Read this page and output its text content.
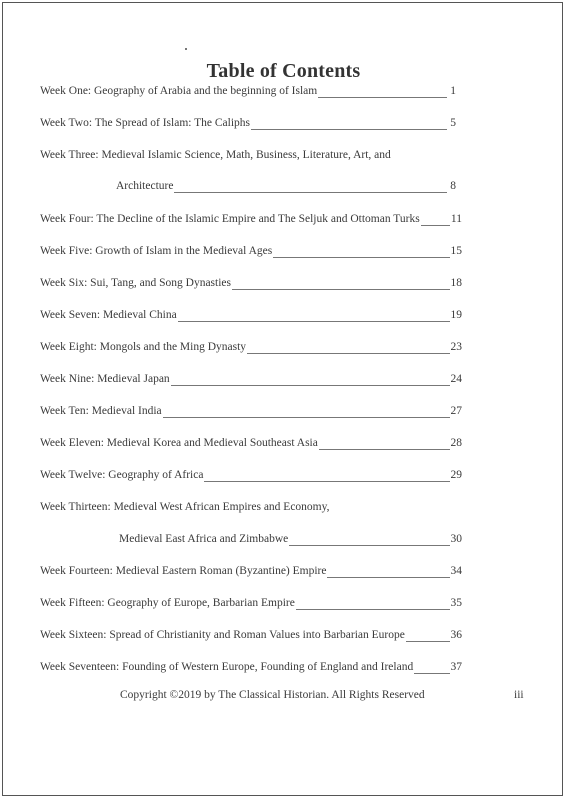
Table of Contents
Week One: Geography of Arabia and the beginning of Islam	1
Week Two: The Spread of Islam: The Caliphs	5
Week Three: Medieval Islamic Science, Math, Business, Literature, Art, and
Architecture	8
Week Four: The Decline of the Islamic Empire and The Seljuk and Ottoman Turks	11
Week Five: Growth of Islam in the Medieval Ages	15
Week Six: Sui, Tang, and Song Dynasties	18
Week Seven: Medieval China	19
Week Eight: Mongols and the Ming Dynasty	23
Week Nine: Medieval Japan	24
Week Ten: Medieval India	27
Week Eleven: Medieval Korea and Medieval Southeast Asia	28
Week Twelve: Geography of Africa	29
Week Thirteen: Medieval West African Empires and Economy,
Medieval East Africa and Zimbabwe	30
Week Fourteen: Medieval Eastern Roman (Byzantine) Empire	34
Week Fifteen: Geography of Europe, Barbarian Empire	35
Week Sixteen: Spread of Christianity and Roman Values into Barbarian Europe	36
Week Seventeen: Founding of Western Europe, Founding of England and Ireland	37
Copyright ©2019 by The Classical Historian. All Rights Reserved	iii
